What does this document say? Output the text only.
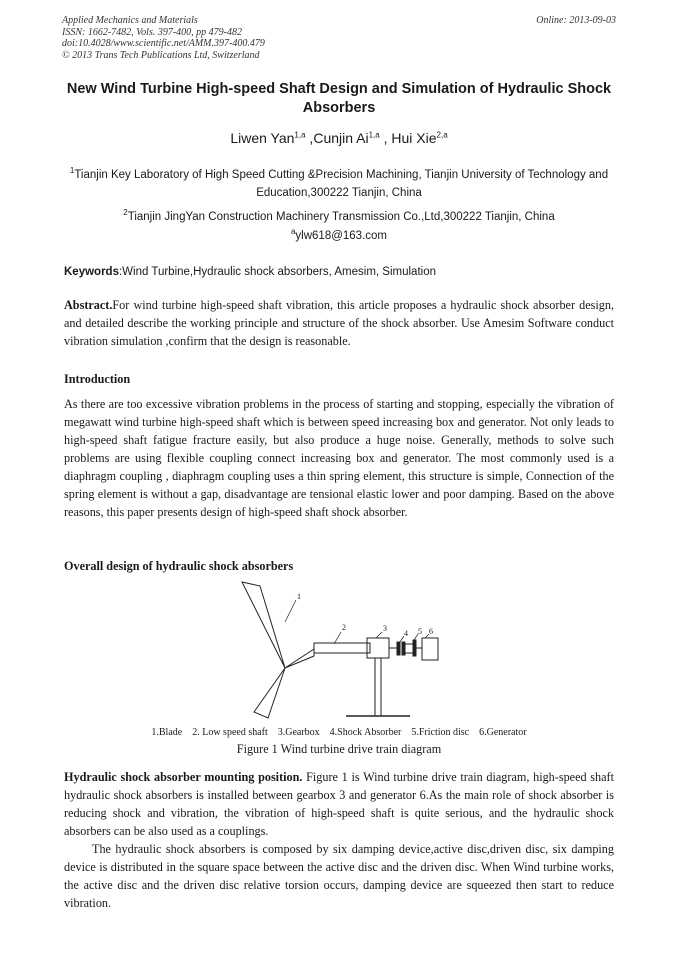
Applied Mechanics and Materials
ISSN: 1662-7482, Vols. 397-400, pp 479-482
doi:10.4028/www.scientific.net/AMM.397-400.479
© 2013 Trans Tech Publications Ltd, Switzerland
Online: 2013-09-03
New Wind Turbine High-speed Shaft Design and Simulation of Hydraulic Shock Absorbers
Liwen Yan$^{1,a}$ ,Cunjin Ai$^{1,a}$ , Hui Xie$^{2,a}$
$^1$Tianjin Key Laboratory of High Speed Cutting &Precision Machining, Tianjin University of Technology and Education,300222 Tianjin, China
$^2$Tianjin JingYan Construction Machinery Transmission Co.,Ltd,300222 Tianjin, China
$^a$ylw618@163.com
Keywords:Wind Turbine,Hydraulic shock absorbers, Amesim, Simulation
Abstract.For wind turbine high-speed shaft vibration, this article proposes a hydraulic shock absorber design, and detailed describe the working principle and structure of the shock absorber. Use Amesim Software conduct vibration simulation ,confirm that the design is reasonable.
Introduction
As there are too excessive vibration problems in the process of starting and stopping, especially the vibration of megawatt wind turbine high-speed shaft which is between speed increasing box and generator. Not only leads to high-speed shaft fatigue fracture easily, but also produce a huge noise. Generally, methods to solve such problems are using flexible coupling connect increasing box and generator. The most commonly used is a diaphragm coupling , diaphragm coupling uses a thin spring element, this structure is simple, Connection of the spring element is without a gap, disadvantage are tensional elastic lower and poor damping. Based on the above reasons, this paper presents design of high-speed shaft shock absorber.
Overall design of hydraulic shock absorbers
1
2	3
4 5 6
1.Blade    2. Low speed shaft    3.Gearbox    4.Shock Absorber    5.Friction disc    6.Generator
Figure 1 Wind turbine drive train diagram
Hydraulic shock absorber mounting position. Figure 1 is Wind turbine drive train diagram, high-speed shaft hydraulic shock absorbers is installed between gearbox 3 and generator 6.As the main role of shock absorber is reducing shock and vibration, the vibration of high-speed shaft is quite serious, and the hydraulic shock absorbers can be also used as a couplings.
The hydraulic shock absorbers is composed by six damping device,active disc,driven disc, six damping device is distributed in the square space between the active disc and the driven disc. When Wind turbine works, the active disc and the driven disc relative torsion occurs, damping device are squeezed then start to reduce vibration.
